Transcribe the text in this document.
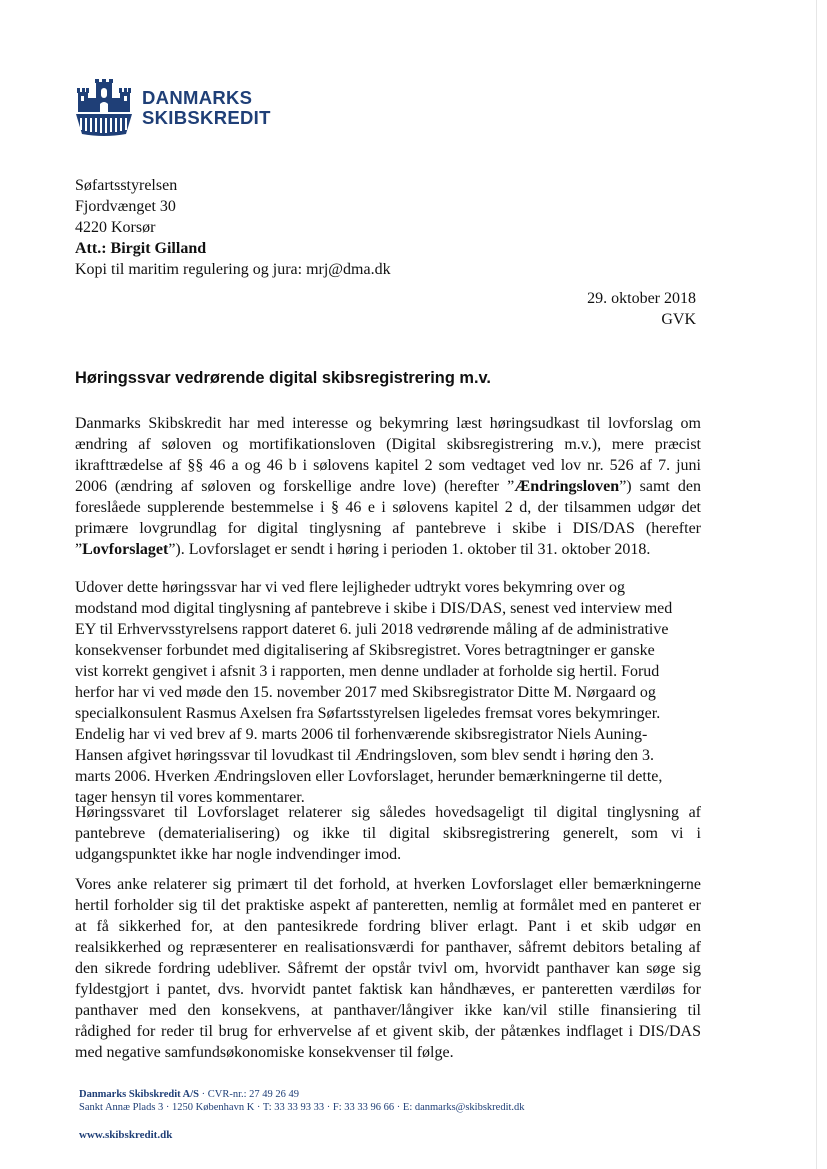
DANMARKS
SKIBSKREDIT
Søfartsstyrelsen
Fjordvænget 30
4220 Korsør
Att.: Birgit Gilland
Kopi til maritim regulering og jura: mrj@dma.dk
29. oktober 2018
GVK
Høringssvar vedrørende digital skibsregistrering m.v.
Danmarks Skibskredit har med interesse og bekymring læst høringsudkast til lovforslag om
ændring af søloven og mortifikationsloven (Digital skibsregistrering m.v.), mere præcist
ikrafttrædelse af §§ 46 a og 46 b i sølovens kapitel 2 som vedtaget ved lov nr. 526 af 7. juni
2006 (ændring af søloven og forskellige andre love) (herefter ”Ændringsloven”) samt den
foreslåede supplerende bestemmelse i § 46 e i sølovens kapitel 2 d, der tilsammen udgør det
primære lovgrundlag for digital tinglysning af pantebreve i skibe i DIS/DAS (herefter
”Lovforslaget”). Lovforslaget er sendt i høring i perioden 1. oktober til 31. oktober 2018.
Udover dette høringssvar har vi ved flere lejligheder udtrykt vores bekymring over og
modstand mod digital tinglysning af pantebreve i skibe i DIS/DAS, senest ved interview med
EY til Erhvervsstyrelsens rapport dateret 6. juli 2018 vedrørende måling af de administrative
konsekvenser forbundet med digitalisering af Skibsregistret. Vores betragtninger er ganske
vist korrekt gengivet i afsnit 3 i rapporten, men denne undlader at forholde sig hertil. Forud
herfor har vi ved møde den 15. november 2017 med Skibsregistrator Ditte M. Nørgaard og
specialkonsulent Rasmus Axelsen fra Søfartsstyrelsen ligeledes fremsat vores bekymringer.
Endelig har vi ved brev af 9. marts 2006 til forhenværende skibsregistrator Niels Auning-
Hansen afgivet høringssvar til lovudkast til Ændringsloven, som blev sendt i høring den 3.
marts 2006. Hverken Ændringsloven eller Lovforslaget, herunder bemærkningerne til dette,
tager hensyn til vores kommentarer.
Høringssvaret til Lovforslaget relaterer sig således hovedsageligt til digital tinglysning af
pantebreve (dematerialisering) og ikke til digital skibsregistrering generelt, som vi i
udgangspunktet ikke har nogle indvendinger imod.
Vores anke relaterer sig primært til det forhold, at hverken Lovforslaget eller bemærkningerne
hertil forholder sig til det praktiske aspekt af panteretten, nemlig at formålet med en panteret er
at få sikkerhed for, at den pantesikrede fordring bliver erlagt. Pant i et skib udgør en
realsikkerhed og repræsenterer en realisationsværdi for panthaver, såfremt debitors betaling af
den sikrede fordring udebliver. Såfremt der opstår tvivl om, hvorvidt panthaver kan søge sig
fyldestgjort i pantet, dvs. hvorvidt pantet faktisk kan håndhæves, er panteretten værdiløs for
panthaver med den konsekvens, at panthaver/långiver ikke kan/vil stille finansiering til
rådighed for reder til brug for erhvervelse af et givent skib, der påtænkes indflaget i DIS/DAS
med negative samfundsøkonomiske konsekvenser til følge.
Danmarks Skibskredit A/S · CVR-nr.: 27 49 26 49
Sankt Annæ Plads 3 · 1250 København K · T: 33 33 93 33 · F: 33 33 96 66 · E: danmarks@skibskredit.dk
www.skibskredit.dk
